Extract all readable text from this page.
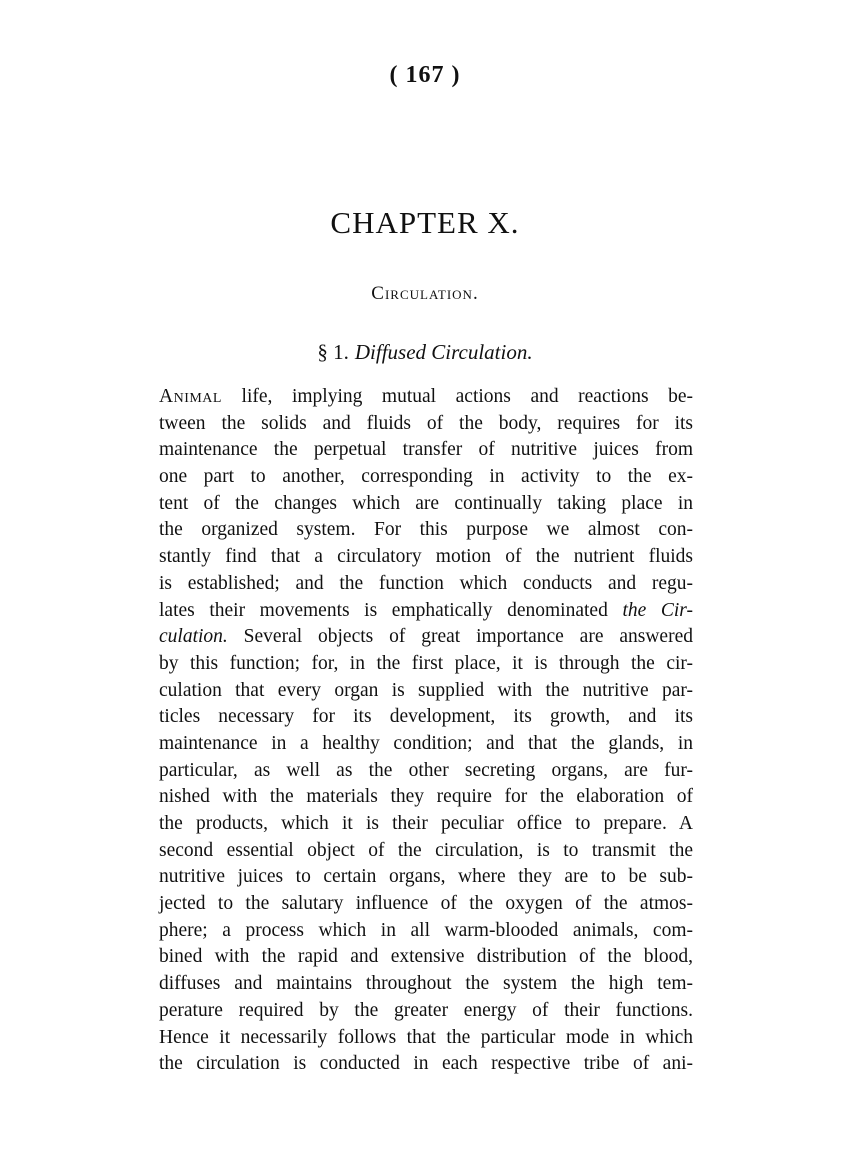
( 167 )
CHAPTER X.
Circulation.
§ 1. Diffused Circulation.
Animal life, implying mutual actions and reactions be-
tween the solids and fluids of the body, requires for its
maintenance the perpetual transfer of nutritive juices from
one part to another, corresponding in activity to the ex-
tent of the changes which are continually taking place in
the organized system. For this purpose we almost con-
stantly find that a circulatory motion of the nutrient fluids
is established; and the function which conducts and regu-
lates their movements is emphatically denominated the Cir-
culation. Several objects of great importance are answered
by this function; for, in the first place, it is through the cir-
culation that every organ is supplied with the nutritive par-
ticles necessary for its development, its growth, and its
maintenance in a healthy condition; and that the glands, in
particular, as well as the other secreting organs, are fur-
nished with the materials they require for the elaboration of
the products, which it is their peculiar office to prepare. A
second essential object of the circulation, is to transmit the
nutritive juices to certain organs, where they are to be sub-
jected to the salutary influence of the oxygen of the atmos-
phere; a process which in all warm-blooded animals, com-
bined with the rapid and extensive distribution of the blood,
diffuses and maintains throughout the system the high tem-
perature required by the greater energy of their functions.
Hence it necessarily follows that the particular mode in which
the circulation is conducted in each respective tribe of ani-
